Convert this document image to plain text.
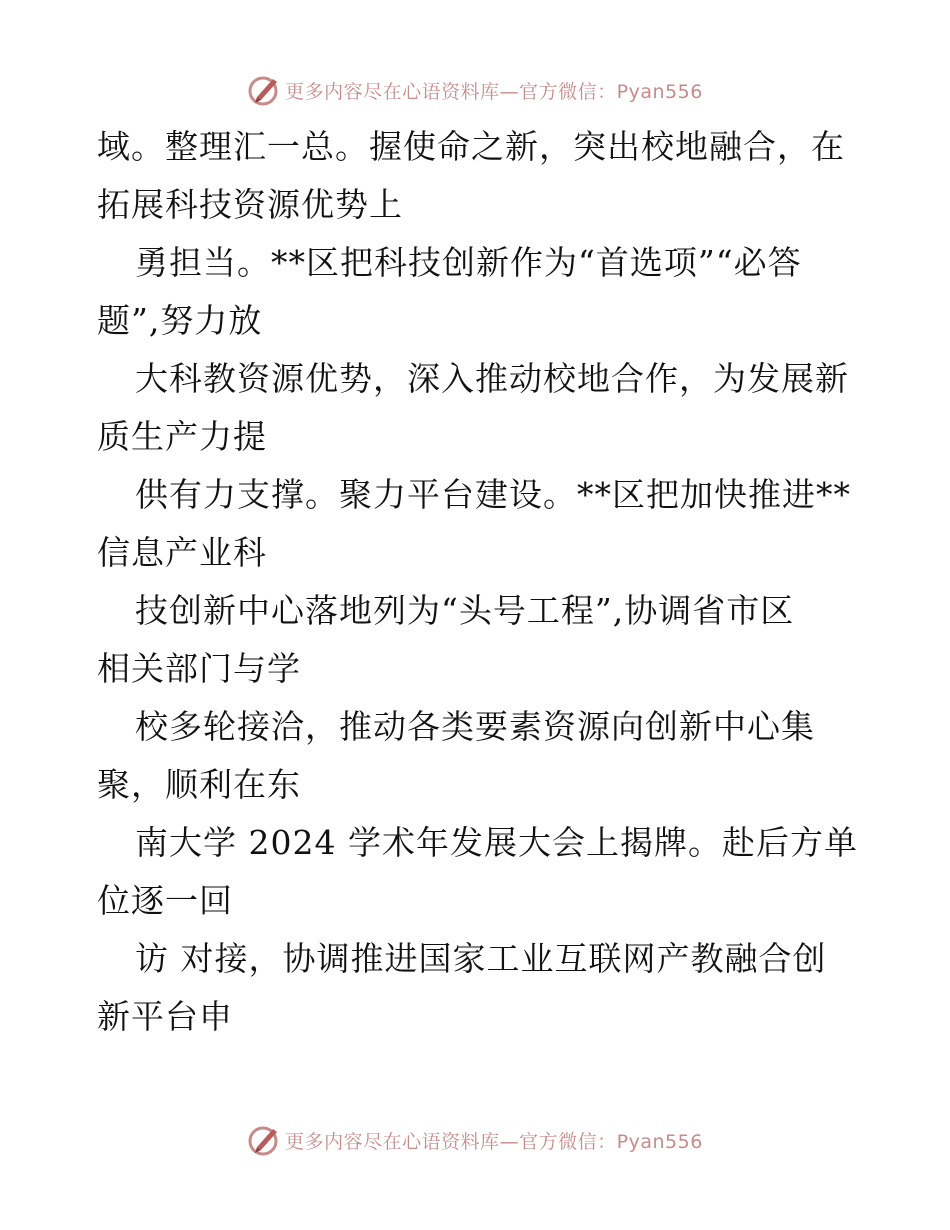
更多内容尽在心语资料库—官方微信：Pyan556
域。整理汇一总。握使命之新，突出校地融合，在
拓展科技资源优势上
勇担当。**区把科技创新作为“首选项”“必答
题”,努力放
大科教资源优势，深入推动校地合作，为发展新
质生产力提
供有力支撑。聚力平台建设。**区把加快推进**
信息产业科
技创新中心落地列为“头号工程”,协调省市区
相关部门与学
校多轮接洽，推动各类要素资源向创新中心集
聚，顺利在东
南大学 2024 学术年发展大会上揭牌。赴后方单
位逐一回
访 对接，协调推进国家工业互联网产教融合创
新平台申
更多内容尽在心语资料库—官方微信：Pyan556
